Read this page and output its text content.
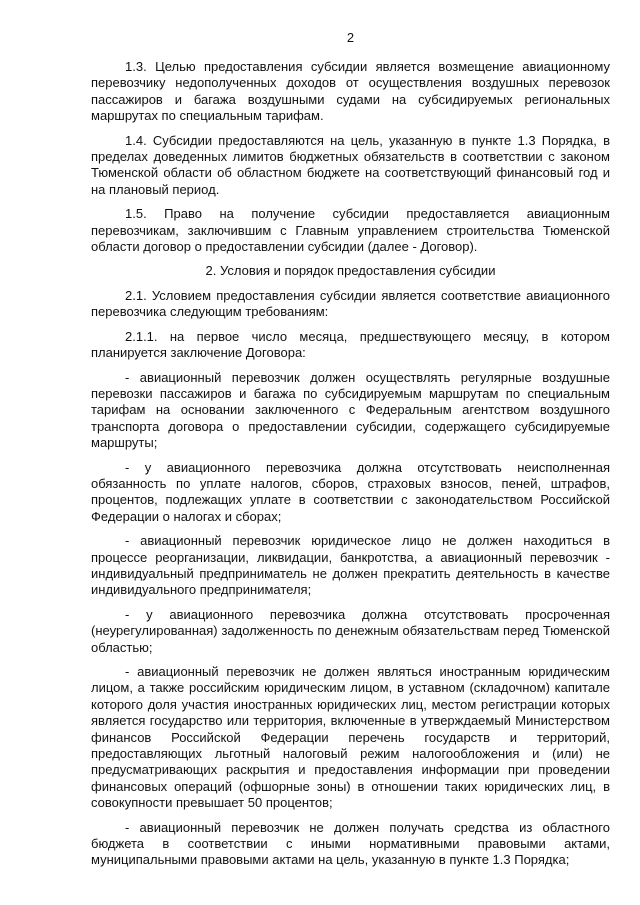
2

1.3. Целью предоставления субсидии является возмещение авиационному перевозчику недополученных доходов от осуществления воздушных перевозок пассажиров и багажа воздушными судами на субсидируемых региональных маршрутах по специальным тарифам.

1.4. Субсидии предоставляются на цель, указанную в пункте 1.3 Порядка, в пределах доведенных лимитов бюджетных обязательств в соответствии с законом Тюменской области об областном бюджете на соответствующий финансовый год и на плановый период.

1.5. Право на получение субсидии предоставляется авиационным перевозчикам, заключившим с Главным управлением строительства Тюменской области договор о предоставлении субсидии (далее - Договор).

2. Условия и порядок предоставления субсидии

2.1. Условием предоставления субсидии является соответствие авиационного перевозчика следующим требованиям:

2.1.1. на первое число месяца, предшествующего месяцу, в котором планируется заключение Договора:

- авиационный перевозчик должен осуществлять регулярные воздушные перевозки пассажиров и багажа по субсидируемым маршрутам по специальным тарифам на основании заключенного с Федеральным агентством воздушного транспорта договора о предоставлении субсидии, содержащего субсидируемые маршруты;

- у авиационного перевозчика должна отсутствовать неисполненная обязанность по уплате налогов, сборов, страховых взносов, пеней, штрафов, процентов, подлежащих уплате в соответствии с законодательством Российской Федерации о налогах и сборах;

- авиационный перевозчик юридическое лицо не должен находиться в процессе реорганизации, ликвидации, банкротства, а авиационный перевозчик - индивидуальный предприниматель не должен прекратить деятельность в качестве индивидуального предпринимателя;

- у авиационного перевозчика должна отсутствовать просроченная (неурегулированная) задолженность по денежным обязательствам перед Тюменской областью;

- авиационный перевозчик не должен являться иностранным юридическим лицом, а также российским юридическим лицом, в уставном (складочном) капитале которого доля участия иностранных юридических лиц, местом регистрации которых является государство или территория, включенные в утверждаемый Министерством финансов Российской Федерации перечень государств и территорий, предоставляющих льготный налоговый режим налогообложения и (или) не предусматривающих раскрытия и предоставления информации при проведении финансовых операций (офшорные зоны) в отношении таких юридических лиц, в совокупности превышает 50 процентов;

- авиационный перевозчик не должен получать средства из областного бюджета в соответствии с иными нормативными правовыми актами, муниципальными правовыми актами на цель, указанную в пункте 1.3 Порядка;
